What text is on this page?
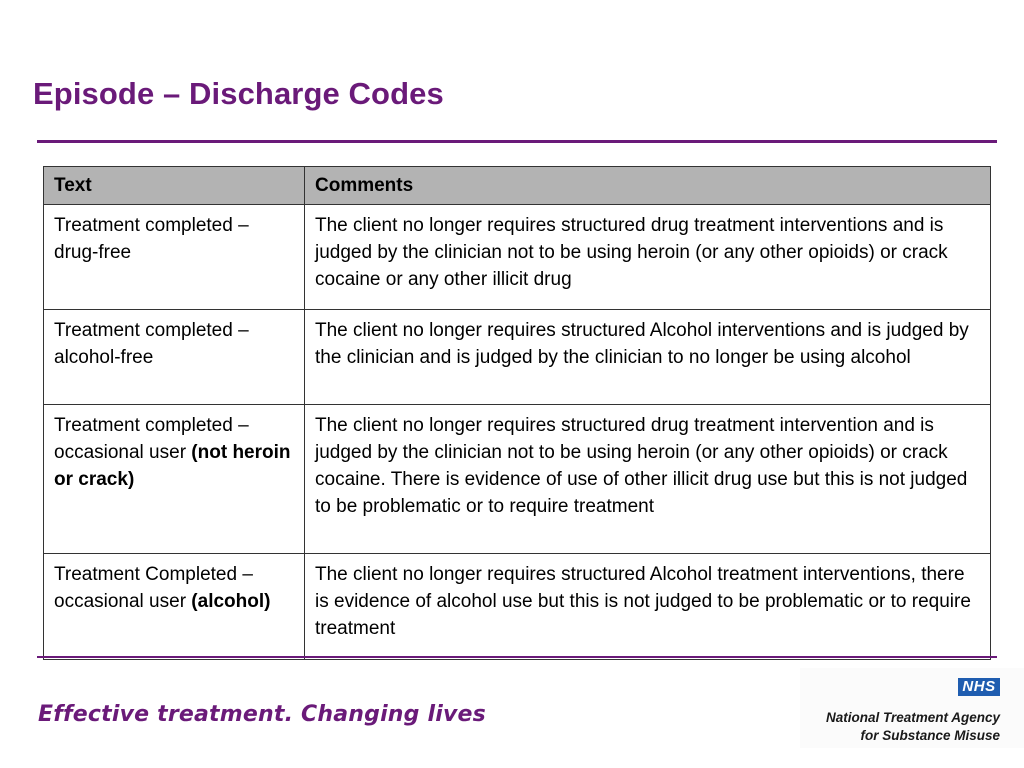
Episode – Discharge Codes
Text	Comments
Treatment completed – drug-free	The client no longer requires structured drug treatment interventions and is judged by the clinician not to be using heroin (or any other opioids) or crack cocaine or any other illicit drug
Treatment completed – alcohol-free	The client no longer requires structured Alcohol interventions and is judged by the clinician and is judged by the clinician to no longer be using alcohol
Treatment completed – occasional user (not heroin or crack)	The client no longer requires structured drug treatment intervention and is judged by the clinician not to be using heroin (or any other opioids) or crack cocaine. There is evidence of use of other illicit drug use but this is not judged to be problematic or to require treatment
Treatment Completed – occasional user (alcohol)	The client no longer requires structured Alcohol treatment interventions, there is evidence of alcohol use but this is not judged to be problematic or to require treatment

Effective treatment. Changing lives

NHS
National Treatment Agency
for Substance Misuse
